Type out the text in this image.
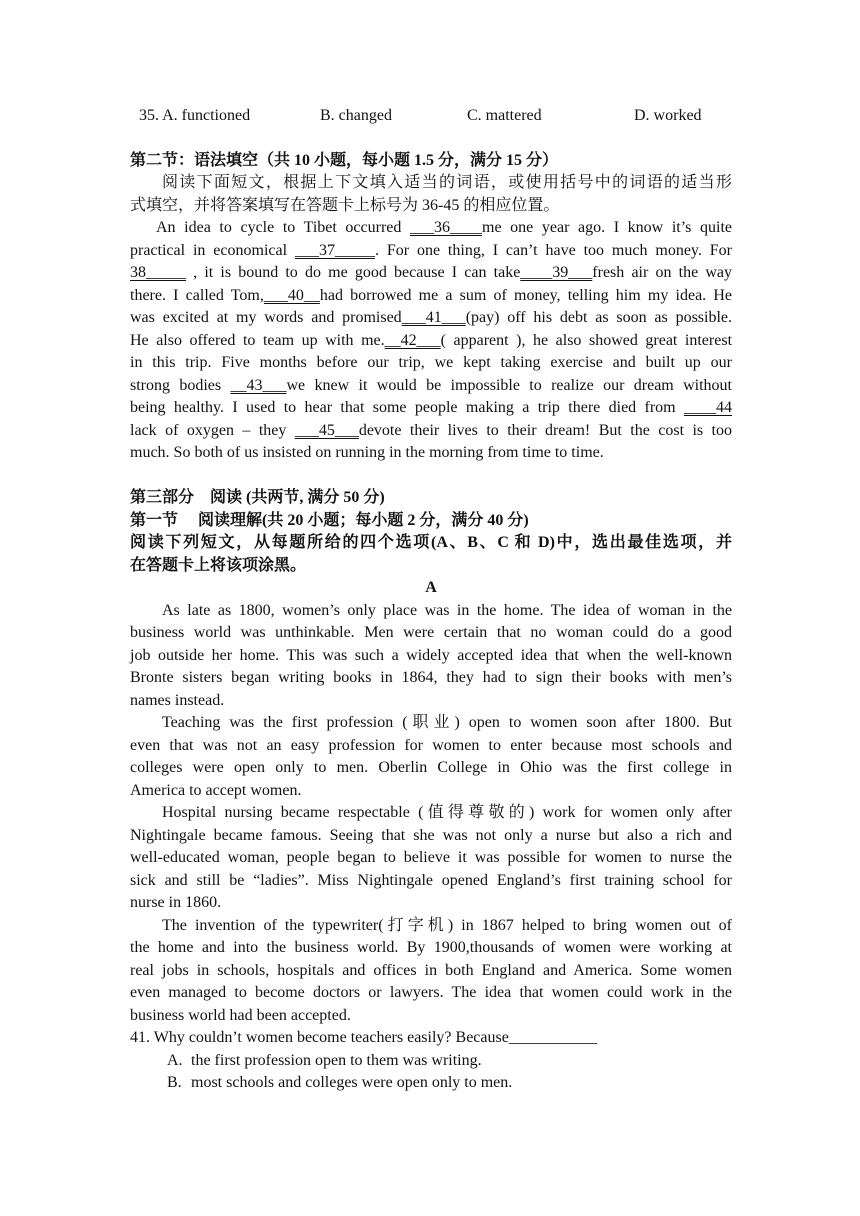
35. A. functioned	B. changed	C. mattered	D. worked
第二节：语法填空（共 10 小题，每小题 1.5 分，满分 15 分）
阅读下面短文，根据上下文填入适当的词语，或使用括号中的词语的适当形
式填空，并将答案填写在答题卡上标号为 36-45 的相应位置。
An idea to cycle to Tibet occurred ___36____me one year ago. I know it’s quite
practical in economical ___37_____. For one thing, I can’t have too much money. For
38_____ , it is bound to do me good because I can take____39___fresh air on the way
there. I called Tom,___40__had borrowed me a sum of money, telling him my idea. He
was excited at my words and promised___41___(pay) off his debt as soon as possible.
He also offered to team up with me.__42___( apparent ), he also showed great interest
in this trip. Five months before our trip, we kept taking exercise and built up our
strong bodies __43___we knew it would be impossible to realize our dream without
being healthy. I used to hear that some people making a trip there died from ____44
lack of oxygen – they ___45___devote their lives to their dream! But the cost is too
much. So both of us insisted on running in the morning from time to time.
第三部分　阅读 (共两节, 满分 50 分)
第一节　 阅读理解(共 20 小题；每小题 2 分，满分 40 分)
阅读下列短文，从每题所给的四个选项(A、B、C 和 D)中，选出最佳选项，并
在答题卡上将该项涂黑。
A
As late as 1800, women’s only place was in the home. The idea of woman in the
business world was unthinkable. Men were certain that no woman could do a good
job outside her home. This was such a widely accepted idea that when the well-known
Bronte sisters began writing books in 1864, they had to sign their books with men’s
names instead.
Teaching was the first profession (职业) open to women soon after 1800. But
even that was not an easy profession for women to enter because most schools and
colleges were open only to men. Oberlin College in Ohio was the first college in
America to accept women.
Hospital nursing became respectable (值得尊敬的) work for women only after
Nightingale became famous. Seeing that she was not only a nurse but also a rich and
well-educated woman, people began to believe it was possible for women to nurse the
sick and still be “ladies”. Miss Nightingale opened England’s first training school for
nurse in 1860.
The invention of the typewriter(打字机) in 1867 helped to bring women out of
the home and into the business world. By 1900,thousands of women were working at
real jobs in schools, hospitals and offices in both England and America. Some women
even managed to become doctors or lawyers. The idea that women could work in the
business world had been accepted.
41. Why couldn’t women become teachers easily? Because___________
A. the first profession open to them was writing.
B. most schools and colleges were open only to men.
